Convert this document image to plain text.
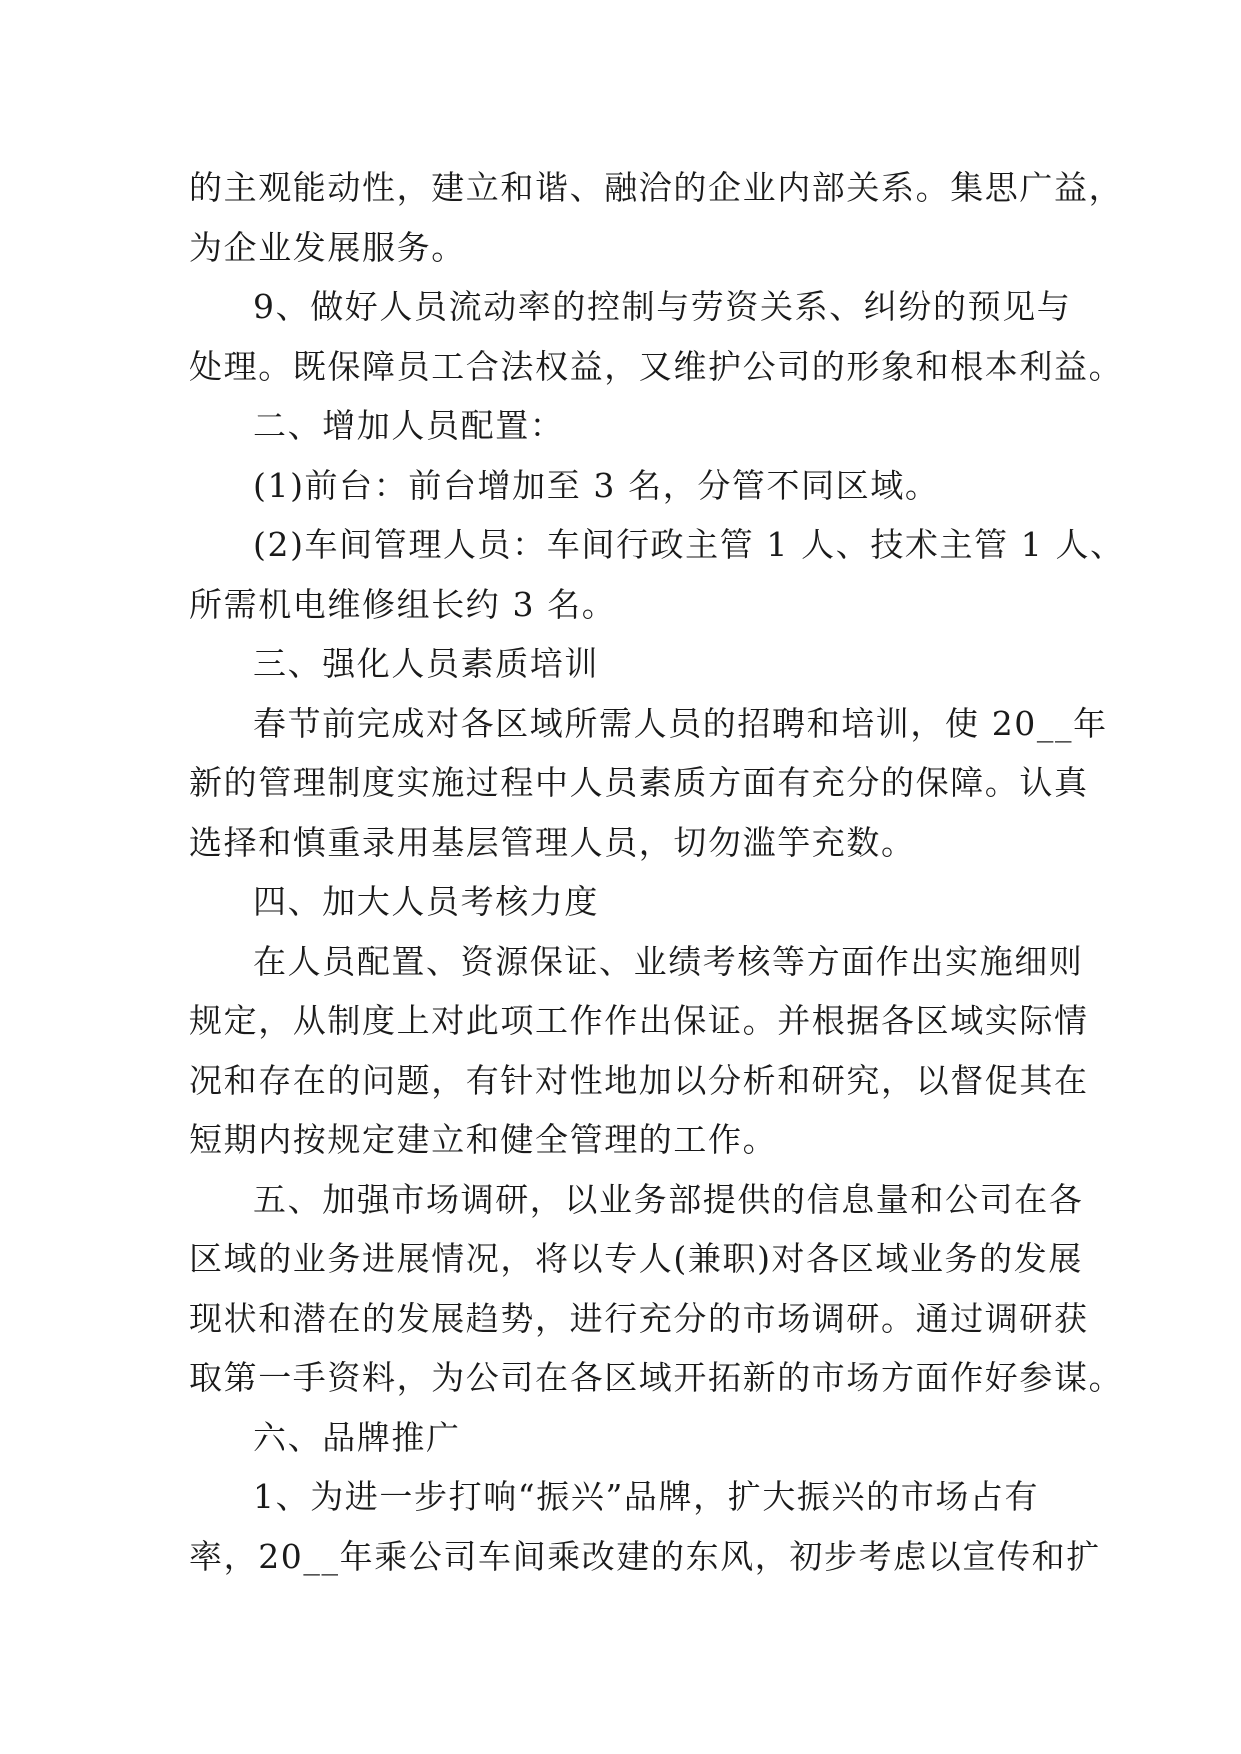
的主观能动性，建立和谐、融洽的企业内部关系。集思广益，
为企业发展服务。
9、做好人员流动率的控制与劳资关系、纠纷的预见与
处理。既保障员工合法权益，又维护公司的形象和根本利益。
二、增加人员配置：
(1)前台：前台增加至 3 名，分管不同区域。
(2)车间管理人员：车间行政主管 1 人、技术主管 1 人、
所需机电维修组长约 3 名。
三、强化人员素质培训
春节前完成对各区域所需人员的招聘和培训，使 20__年
新的管理制度实施过程中人员素质方面有充分的保障。认真
选择和慎重录用基层管理人员，切勿滥竽充数。
四、加大人员考核力度
在人员配置、资源保证、业绩考核等方面作出实施细则
规定，从制度上对此项工作作出保证。并根据各区域实际情
况和存在的问题，有针对性地加以分析和研究，以督促其在
短期内按规定建立和健全管理的工作。
五、加强市场调研，以业务部提供的信息量和公司在各
区域的业务进展情况，将以专人(兼职)对各区域业务的发展
现状和潜在的发展趋势，进行充分的市场调研。通过调研获
取第一手资料，为公司在各区域开拓新的市场方面作好参谋。
六、品牌推广
1、为进一步打响“振兴”品牌，扩大振兴的市场占有
率，20__年乘公司车间乘改建的东风，初步考虑以宣传和扩
